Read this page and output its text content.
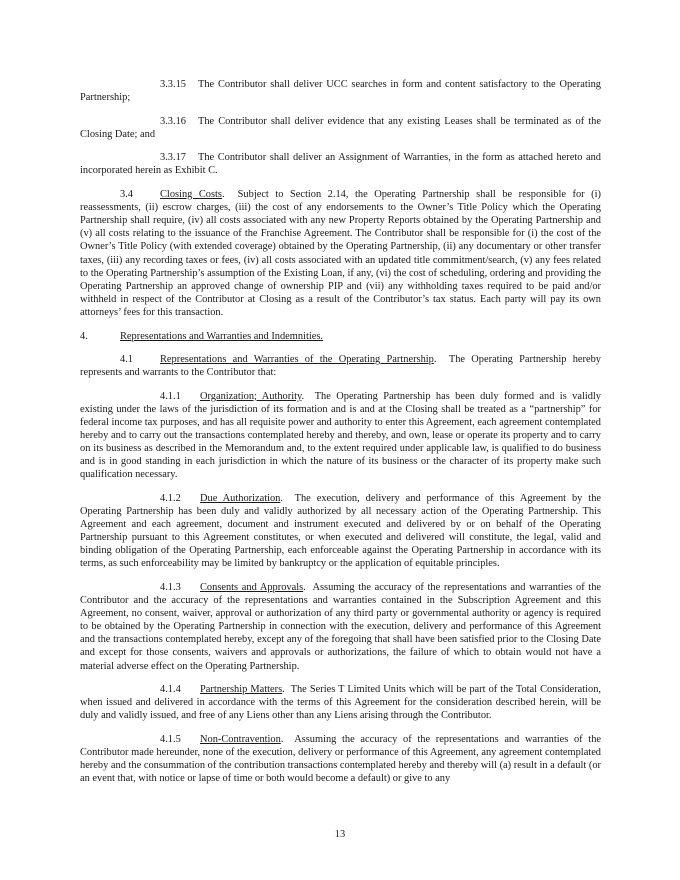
3.3.15 The Contributor shall deliver UCC searches in form and content satisfactory to the Operating Partnership;

3.3.16 The Contributor shall deliver evidence that any existing Leases shall be terminated as of the Closing Date; and

3.3.17 The Contributor shall deliver an Assignment of Warranties, in the form as attached hereto and incorporated herein as Exhibit C.

3.4	Closing Costs.  Subject to Section 2.14, the Operating Partnership shall be responsible for (i) reassessments, (ii) escrow charges, (iii) the cost of any endorsements to the Owner’s Title Policy which the Operating Partnership shall require, (iv) all costs associated with any new Property Reports obtained by the Operating Partnership and (v) all costs relating to the issuance of the Franchise Agreement. The Contributor shall be responsible for (i) the cost of the Owner’s Title Policy (with extended coverage) obtained by the Operating Partnership, (ii) any documentary or other transfer taxes, (iii) any recording taxes or fees, (iv) all costs associated with an updated title commitment/search, (v) any fees related to the Operating Partnership’s assumption of the Existing Loan, if any, (vi) the cost of scheduling, ordering and providing the Operating Partnership an approved change of ownership PIP and (vii) any withholding taxes required to be paid and/or withheld in respect of the Contributor at Closing as a result of the Contributor’s tax status. Each party will pay its own attorneys’ fees for this transaction.

4.	Representations and Warranties and Indemnities.

4.1	Representations and Warranties of the Operating Partnership.  The Operating Partnership hereby represents and warrants to the Contributor that:

4.1.1 Organization; Authority.  The Operating Partnership has been duly formed and is validly existing under the laws of the jurisdiction of its formation and is and at the Closing shall be treated as a “partnership” for federal income tax purposes, and has all requisite power and authority to enter this Agreement, each agreement contemplated hereby and to carry out the transactions contemplated hereby and thereby, and own, lease or operate its property and to carry on its business as described in the Memorandum and, to the extent required under applicable law, is qualified to do business and is in good standing in each jurisdiction in which the nature of its business or the character of its property make such qualification necessary.

4.1.2 Due Authorization.  The execution, delivery and performance of this Agreement by the Operating Partnership has been duly and validly authorized by all necessary action of the Operating Partnership. This Agreement and each agreement, document and instrument executed and delivered by or on behalf of the Operating Partnership pursuant to this Agreement constitutes, or when executed and delivered will constitute, the legal, valid and binding obligation of the Operating Partnership, each enforceable against the Operating Partnership in accordance with its terms, as such enforceability may be limited by bankruptcy or the application of equitable principles.

4.1.3 Consents and Approvals.  Assuming the accuracy of the representations and warranties of the Contributor and the accuracy of the representations and warranties contained in the Subscription Agreement and this Agreement, no consent, waiver, approval or authorization of any third party or governmental authority or agency is required to be obtained by the Operating Partnership in connection with the execution, delivery and performance of this Agreement and the transactions contemplated hereby, except any of the foregoing that shall have been satisfied prior to the Closing Date and except for those consents, waivers and approvals or authorizations, the failure of which to obtain would not have a material adverse effect on the Operating Partnership.

4.1.4 Partnership Matters.  The Series T Limited Units which will be part of the Total Consideration, when issued and delivered in accordance with the terms of this Agreement for the consideration described herein, will be duly and validly issued, and free of any Liens other than any Liens arising through the Contributor.

4.1.5 Non-Contravention.  Assuming the accuracy of the representations and warranties of the Contributor made hereunder, none of the execution, delivery or performance of this Agreement, any agreement contemplated hereby and the consummation of the contribution transactions contemplated hereby and thereby will (a) result in a default (or an event that, with notice or lapse of time or both would become a default) or give to any

13
